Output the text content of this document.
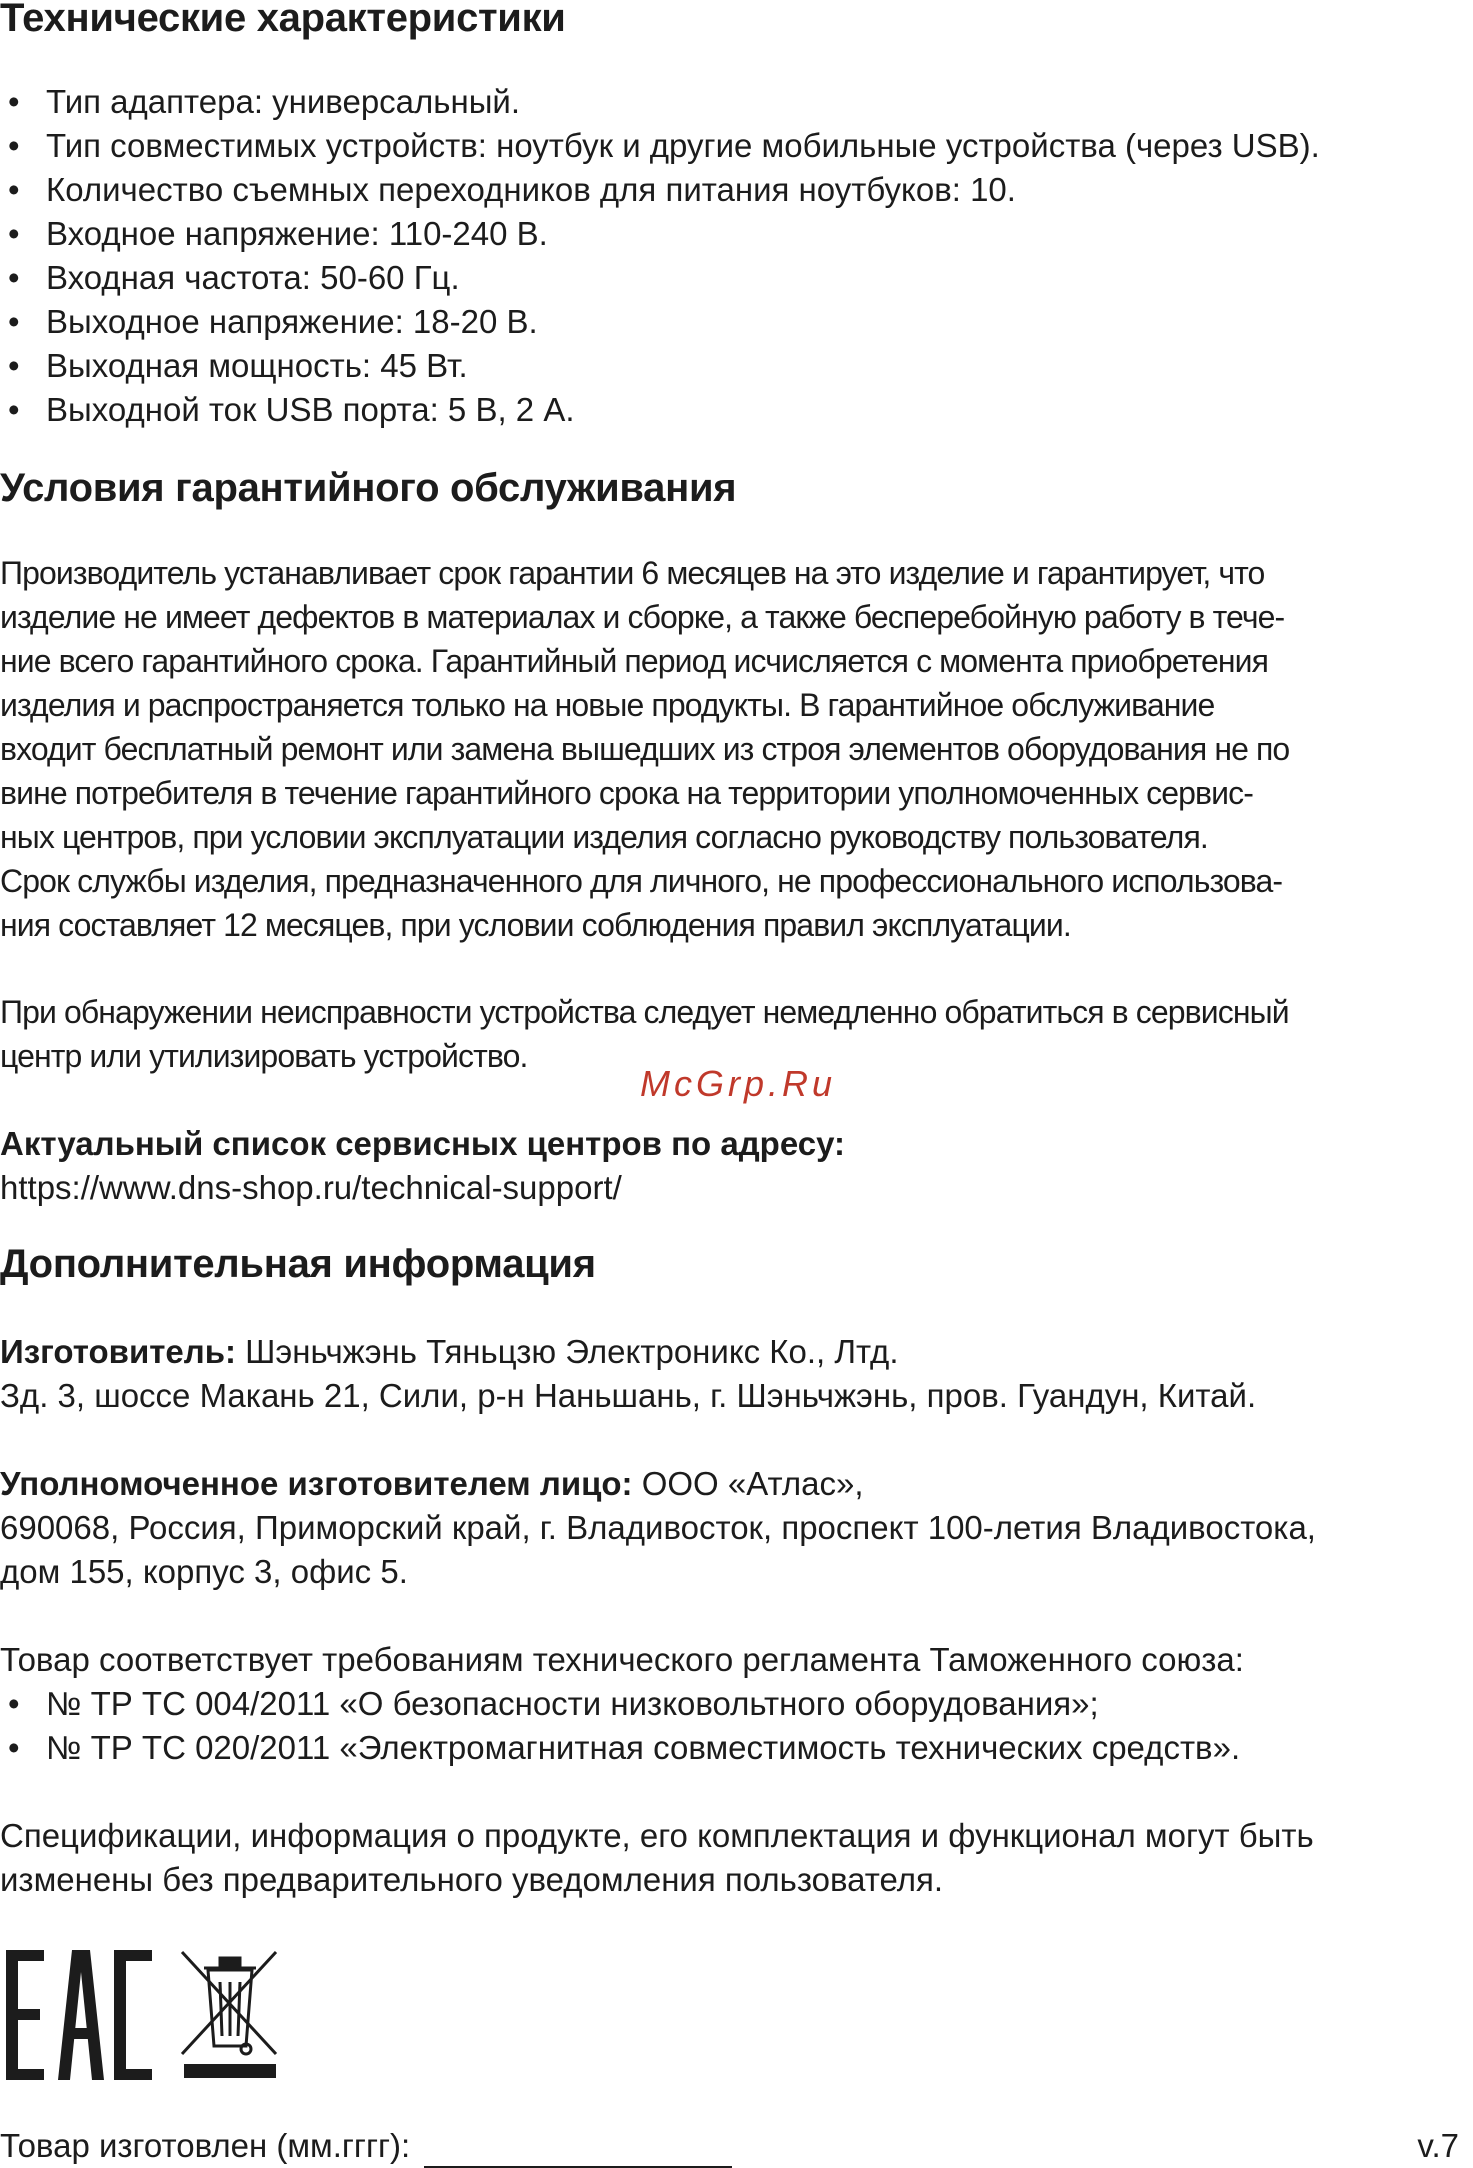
Технические характеристики
• Тип адаптера: универсальный.
• Тип совместимых устройств: ноутбук и другие мобильные устройства (через USB).
• Количество съемных переходников для питания ноутбуков: 10.
• Входное напряжение: 110-240 В.
• Входная частота: 50-60 Гц.
• Выходное напряжение: 18-20 В.
• Выходная мощность: 45 Вт.
• Выходной ток USB порта: 5 В, 2 А.
Условия гарантийного обслуживания
Производитель устанавливает срок гарантии 6 месяцев на это изделие и гарантирует, что
изделие не имеет дефектов в материалах и сборке, а также бесперебойную работу в тече-
ние всего гарантийного срока. Гарантийный период исчисляется с момента приобретения
изделия и распространяется только на новые продукты. В гарантийное обслуживание
входит бесплатный ремонт или замена вышедших из строя элементов оборудования не по
вине потребителя в течение гарантийного срока на территории уполномоченных сервис-
ных центров, при условии эксплуатации изделия согласно руководству пользователя.
Срок службы изделия, предназначенного для личного, не профессионального использова-
ния составляет 12 месяцев, при условии соблюдения правил эксплуатации.
При обнаружении неисправности устройства следует немедленно обратиться в сервисный
центр или утилизировать устройство.
McGrp.Ru

Актуальный список сервисных центров по адресу:

https://www.dns-shop.ru/technical-support/

Дополнительная информация

Изготовитель: Шэньчжэнь Тяньцзю Электроникс Ко., Лтд.

Зд. 3, шоссе Макань 21, Сили, р-н Наньшань, г. Шэньчжэнь, пров. Гуандун, Китай.

Уполномоченное изготовителем лицо: ООО «Атлас»,

690068, Россия, Приморский край, г. Владивосток, проспект 100-летия Владивостока,

дом 155, корпус 3, офис 5.

Товар соответствует требованиям технического регламента Таможенного союза:

• № ТР ТС 004/2011 «О безопасности низковольтного оборудования»;
• № ТР ТС 020/2011 «Электромагнитная совместимость технических средств».

Спецификации, информация о продукте, его комплектация и функционал могут быть

изменены без предварительного уведомления пользователя.

Товар изготовлен (мм.гггг):	v.7
